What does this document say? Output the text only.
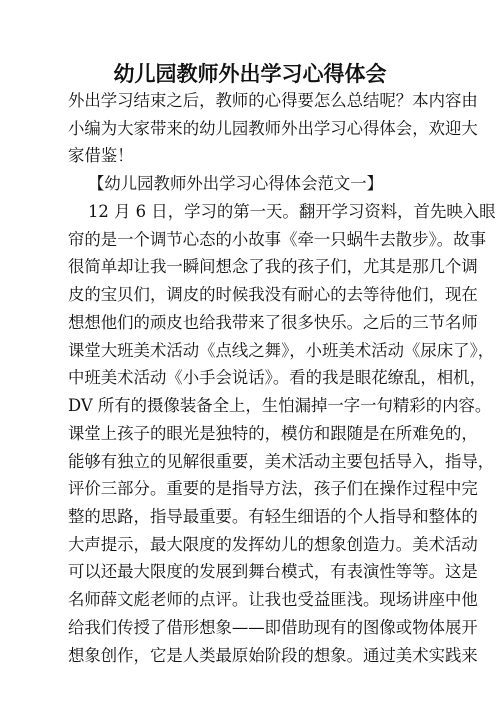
幼儿园教师外出学习心得体会
外出学习结束之后，教师的心得要怎么总结呢？本内容由
小编为大家带来的幼儿园教师外出学习心得体会，欢迎大
家借鉴！
【幼儿园教师外出学习心得体会范文一】
12 月 6 日，学习的第一天。翻开学习资料，首先映入眼
帘的是一个调节心态的小故事《牵一只蜗牛去散步》。故事
很简单却让我一瞬间想念了我的孩子们，尤其是那几个调
皮的宝贝们，调皮的时候我没有耐心的去等待他们，现在
想想他们的顽皮也给我带来了很多快乐。之后的三节名师
课堂大班美术活动《点线之舞》，小班美术活动《尿床了》，
中班美术活动《小手会说话》。看的我是眼花缭乱，相机，
DV 所有的摄像装备全上，生怕漏掉一字一句精彩的内容。
课堂上孩子的眼光是独特的，模仿和跟随是在所难免的，
能够有独立的见解很重要，美术活动主要包括导入，指导，
评价三部分。重要的是指导方法，孩子们在操作过程中完
整的思路，指导最重要。有轻生细语的个人指导和整体的
大声提示，最大限度的发挥幼儿的想象创造力。美术活动
可以还最大限度的发展到舞台模式，有表演性等等。这是
名师薛文彪老师的点评。让我也受益匪浅。现场讲座中他
给我们传授了借形想象——即借助现有的图像或物体展开
想象创作，它是人类最原始阶段的想象。通过美术实践来
